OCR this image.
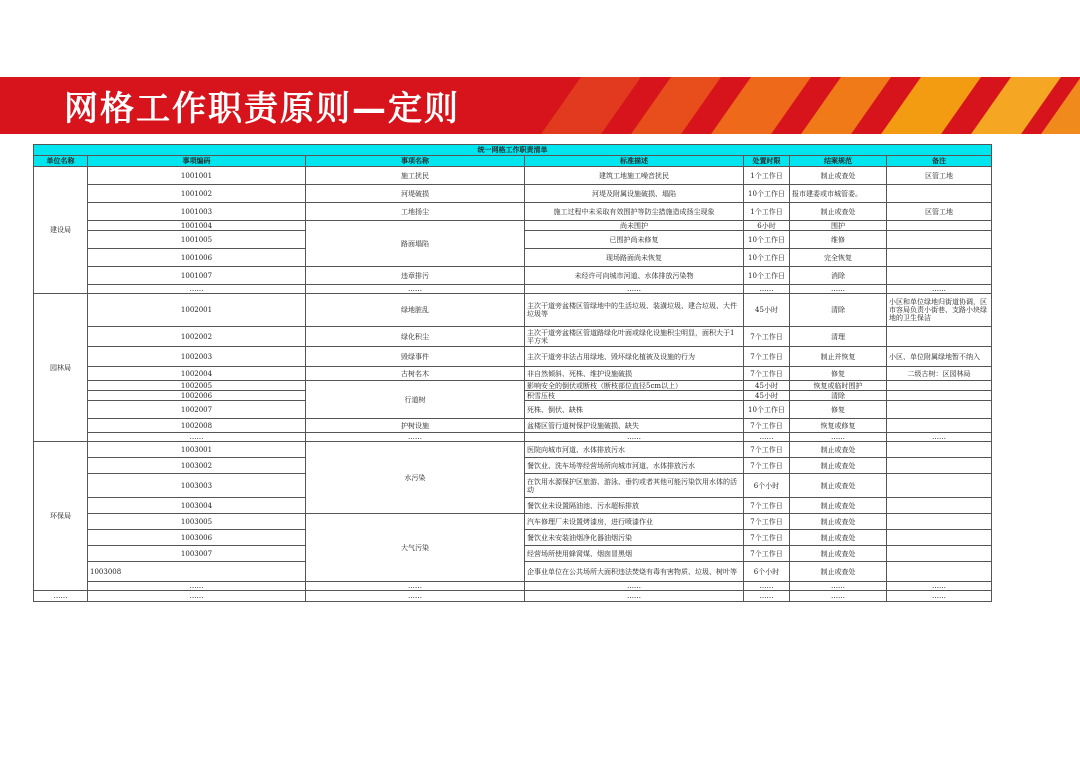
网格工作职责原则—定则
统一网格工作职责清单						
单位名称	事项编码	事项名称	标准描述	处置时限	结案规范	备注
建设局	1001001	施工扰民	建筑工地施工噪音扰民	1个工作日	制止或查处	区管工地
	1001002	河堤破损	河堤及附属设施破损、塌陷	10个工作日	报市建委或市城管委。	
	1001003	工地扬尘	施工过程中未采取有效围护等防尘措施造成扬尘现象	1个工作日	制止或查处	区管工地
	1001004	路面塌陷	尚未围护	6小时	围护	
	1001005		已围护尚未修复	10个工作日	维修	
	1001006		现场路面尚未恢复	10个工作日	完全恢复	
	1001007	违章排污	未经许可向城市河道、水体排放污染物	10个工作日	消除	
	……	……	……	……	……	……
园林局	1002001	绿地脏乱	主次干道旁盆楼区管绿地中的生活垃圾、装潢垃圾、建合垃圾、大件垃圾等	45小时	清除	小区和单位绿地归街道协调，区市容局负责小街巷、支路小块绿地的卫生保洁
	1002002	绿化积尘	主次干道旁盆楼区管道路绿化叶面或绿化设施积尘明显，面积大于1平方米	7个工作日	清理	
	1002003	毁绿事件	主次干道旁非法占用绿地、毁坏绿化植被及设施的行为	7个工作日	制止并恢复	小区、单位附属绿地暂不纳入
	1002004	古树名木	非自然倾斜、死株、维护设施破损	7个工作日	修复	二级古树：区园林局
	1002005	行道树	影响安全的倒伏或断枝（断枝部位直径5cm以上）	45小时	恢复或临时围护	
	1002006		积雪压枝	45小时	清除	
	1002007		死株、倒伏、缺株	10个工作日	修复	
	1002008	护树设施	盆楼区管行道树保护设施破损、缺失	7个工作日	恢复或修复	
	……	……	……	……	……	……
环保局	1003001	水污染	医院向城市河道、水体排放污水	7个工作日	制止或查处	
	1003002		餐饮业、洗车场等经营场所向城市河道、水体排放污水	7个工作日	制止或查处	
	1003003		在饮用水源保护区旅游、游泳、垂钓或者其他可能污染饮用水体的活动	6个小时	制止或查处	
	1003004		餐饮业未设置隔油池、污水超标排放	7个工作日	制止或查处	
	1003005	大气污染	汽车修理厂未设置烤漆房，进行喷漆作业	7个工作日	制止或查处	
	1003006		餐饮业未安装油烟净化器油烟污染	7个工作日	制止或查处	
	1003007		经营场所使用蜂窝煤、烟囱冒黑烟	7个工作日	制止或查处	
	1003008		企事业单位在公共场所大面积违法焚烧有毒有害物质、垃圾、树叶等	6个小时	制止或查处	
	……	……	……	……	……	……
……	……	……	……	……	……	……
